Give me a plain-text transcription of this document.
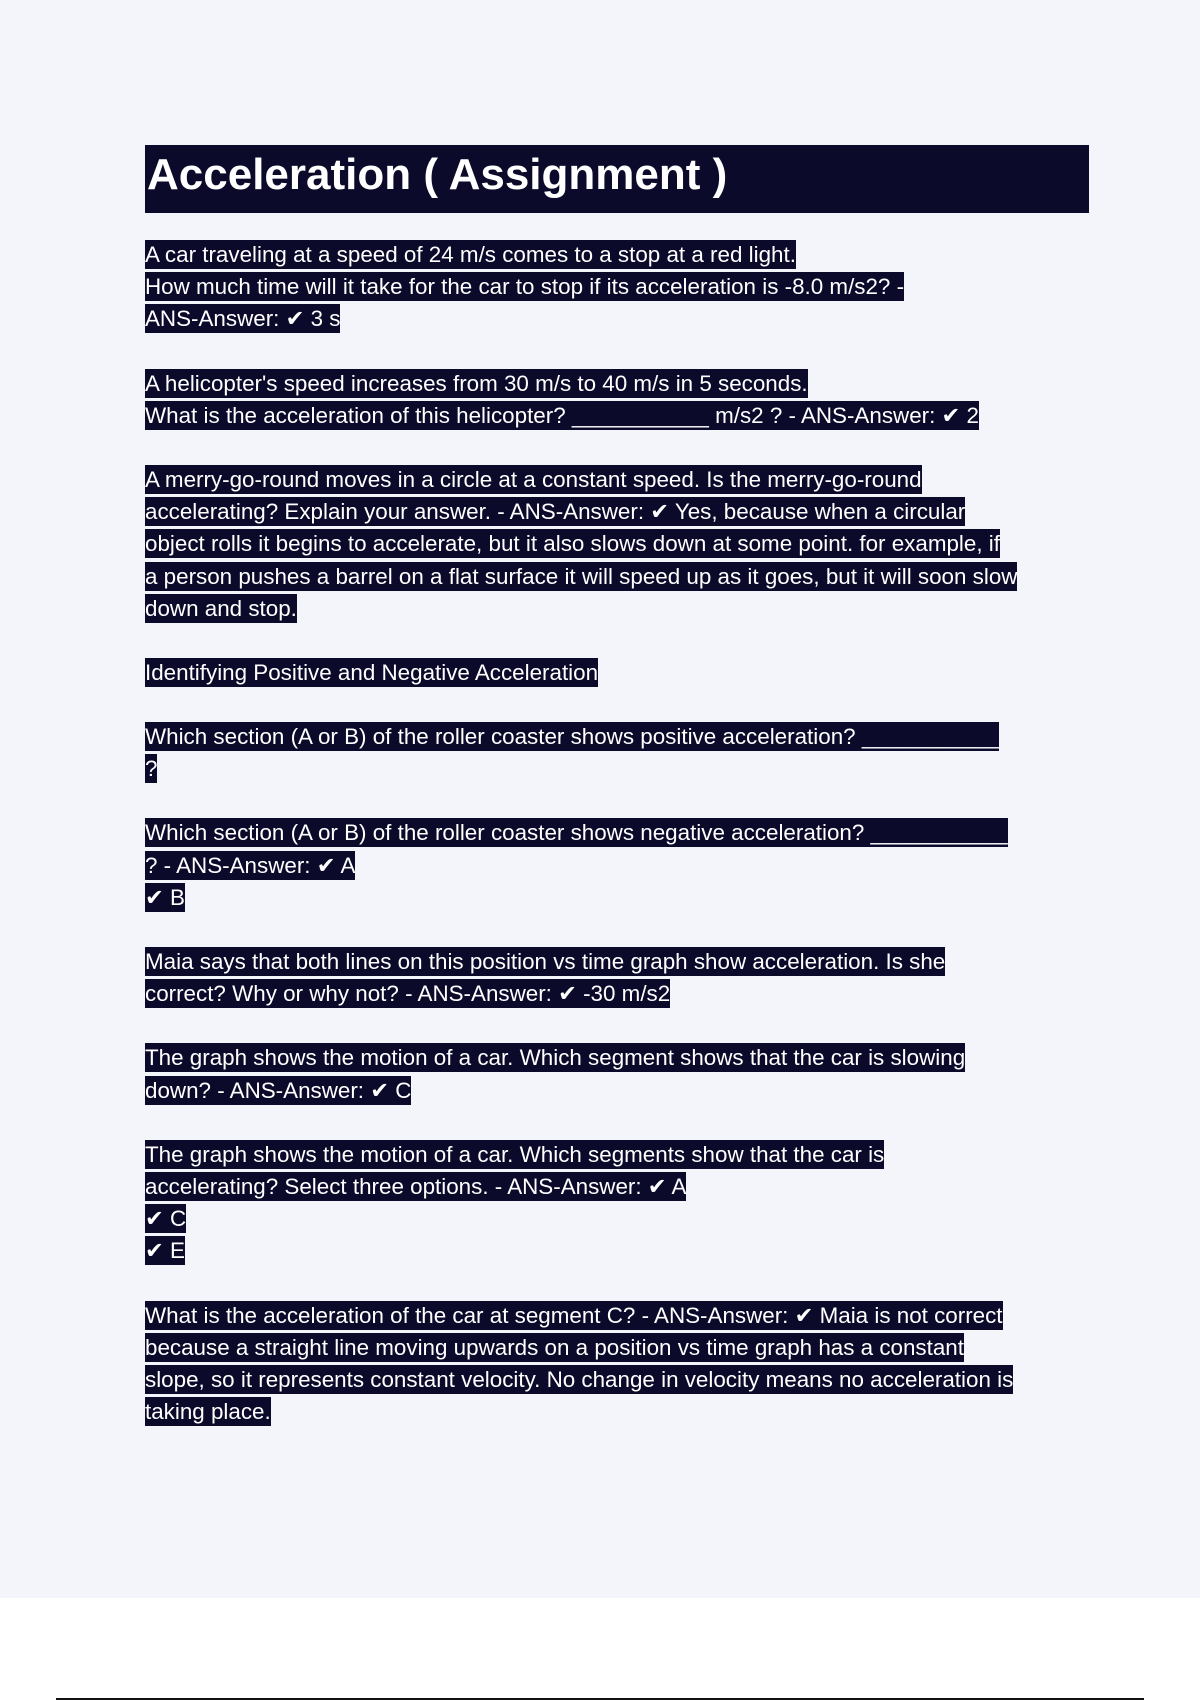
Acceleration ( Assignment )
A car traveling at a speed of 24 m/s comes to a stop at a red light.
How much time will it take for the car to stop if its acceleration is -8.0 m/s2? -
ANS-Answer: ✔ 3 s
A helicopter's speed increases from 30 m/s to 40 m/s in 5 seconds.
What is the acceleration of this helicopter? ___________ m/s2 ? - ANS-Answer: ✔ 2
A merry-go-round moves in a circle at a constant speed. Is the merry-go-round
accelerating? Explain your answer. - ANS-Answer: ✔ Yes, because when a circular
object rolls it begins to accelerate, but it also slows down at some point. for example, if
a person pushes a barrel on a flat surface it will speed up as it goes, but it will soon slow
down and stop.
Identifying Positive and Negative Acceleration
Which section (A or B) of the roller coaster shows positive acceleration? ___________
?
Which section (A or B) of the roller coaster shows negative acceleration? ___________
? - ANS-Answer: ✔ A
✔ B
Maia says that both lines on this position vs time graph show acceleration. Is she
correct? Why or why not? - ANS-Answer: ✔ -30 m/s2
The graph shows the motion of a car. Which segment shows that the car is slowing
down? - ANS-Answer: ✔ C
The graph shows the motion of a car. Which segments show that the car is
accelerating? Select three options. - ANS-Answer: ✔ A
✔ C
✔ E
What is the acceleration of the car at segment C? - ANS-Answer: ✔ Maia is not correct
because a straight line moving upwards on a position vs time graph has a constant
slope, so it represents constant velocity. No change in velocity means no acceleration is
taking place.
